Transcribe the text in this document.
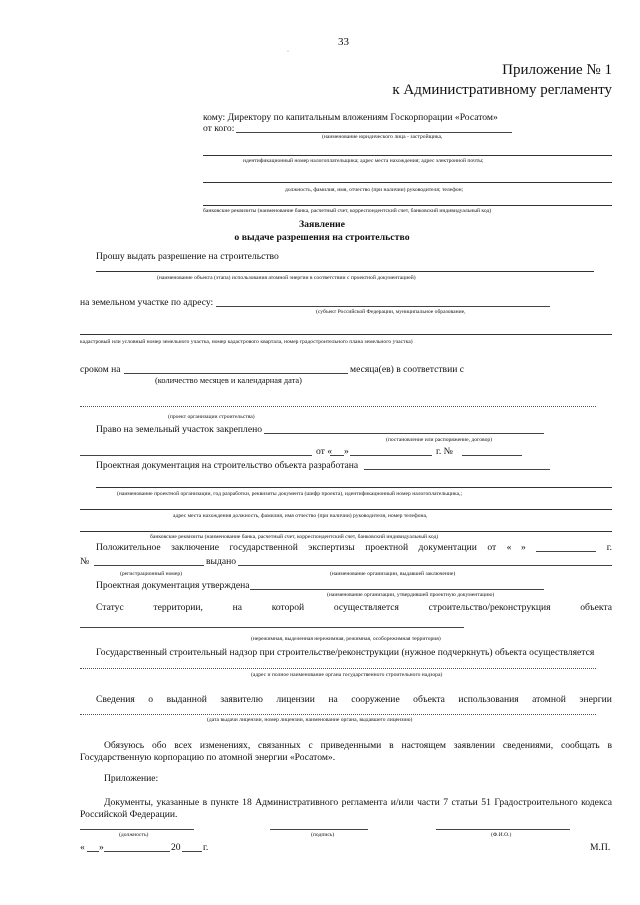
33
·
Приложение № 1
к Административному регламенту
кому: Директору по капитальным вложениям Госкорпорации «Росатом»
от кого:
(наименование юридического лица - застройщика,
идентификационный номер налогоплательщика; адрес места нахождения; адрес электронной почты;
должность, фамилия, имя, отчество (при наличии) руководителя; телефон;
банковские реквизиты (наименование банка, расчетный счет, корреспондентский счет, банковский индивидуальный код)
Заявление
о выдаче разрешения на строительство
Прошу выдать разрешение на строительство
(наименование объекта (этапа) использования атомной энергии в соответствии с проектной документацией)
на земельном участке по адресу:
(субъект Российской Федерации, муниципальное образование,
кадастровый или условный номер земельного участка, номер кадастрового квартала, номер градостроительного плана земельного участка)
сроком на	месяца(ев) в соответствии с
(количество месяцев и календарная дата)
(проект организации строительства)
Право на земельный участок закреплено
(постановление или распоряжение, договор)
от « »	г. №
Проектная документация на строительство объекта разработана
(наименование проектной организации, год разработки, реквизиты документа (шифр проекта), идентификационный номер налогоплательщика,;
адрес места нахождения должность, фамилия, имя отчество (при наличии) руководителя, номер телефона,
банковские реквизиты (наименование банка, расчетный счет, корреспондентский счет, банковский индивидуальный код)
Положительное заключение государственной экспертизы проектной документации от « »	г.
№	выдано
(регистрационный номер)	(наименование организации, выдавшей заключение)
Проектная документация утверждена
(наименование организации, утвердившей проектную документацию)
Статус	территории,	на	которой	осуществляется	строительство/реконструкция	объекта
(нережимная, выделенная нережимная, режимная, особорежимная территория)
Государственный строительный надзор при строительстве/реконструкции (нужное подчеркнуть) объекта осуществляется
(адрес и полное наименование органа государственного строительного надзора)
Сведения о выданной заявителю лицензии на сооружение объекта использования атомной энергии
(дата выдачи лицензии, номер лицензии, наименование органа, выдавшего лицензию)
Обязуюсь обо всех изменениях, связанных с приведенными в настоящем заявлении сведениями, сообщать в
Государственную корпорацию по атомной энергии «Росатом».
Приложение:
Документы, указанные в пункте 18 Административного регламента и/или части 7 статьи 51 Градостроительного кодекса
Российской Федерации.
(должность)	(подпись)	(Ф.И.О.)
« »	20 г.	М.П.
